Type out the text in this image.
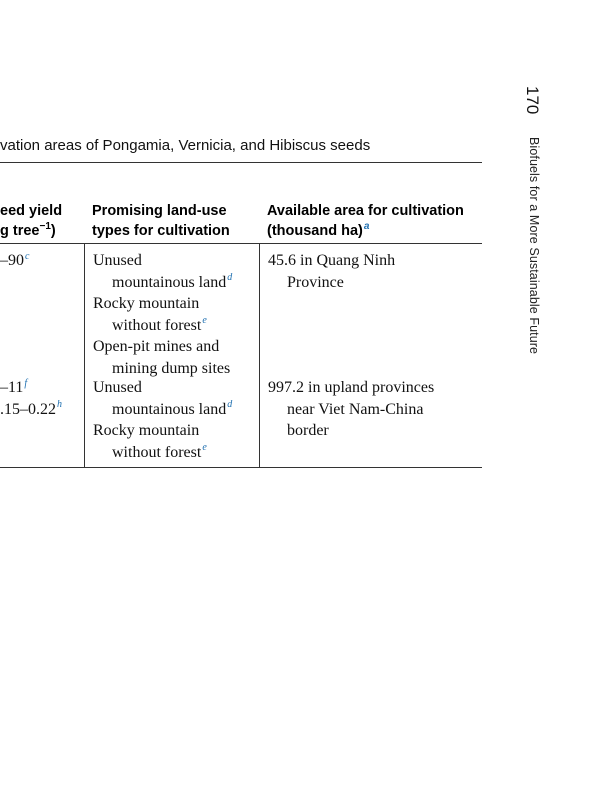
170
Biofuels for a More Sustainable Future
vation areas of Pongamia, Vernicia, and Hibiscus seeds
eed yield
g tree$^{-1}$)
Promising land-use
types for cultivation
Available area for cultivation
(thousand ha)$^a$
–90$^c$	Unused
mountainous land$^d$
Rocky mountain
without forest$^e$
Open-pit mines and
mining dump sites
45.6 in Quang Ninh
Province
–11$^f$
.15–0.22$^h$
Unused
mountainous land$^d$
Rocky mountain
without forest$^e$
997.2 in upland provinces
near Viet Nam-China
border
